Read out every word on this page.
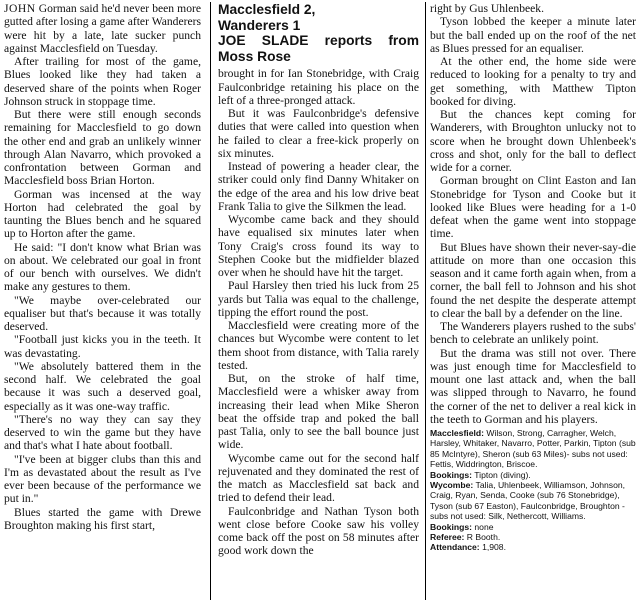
JOHN Gorman said he'd never been more gutted after losing a game after Wanderers were hit by a late, late sucker punch against Macclesfield on Tuesday.

After trailing for most of the game, Blues looked like they had taken a deserved share of the points when Roger Johnson struck in stoppage time.

But there were still enough seconds remaining for Macclesfield to go down the other end and grab an unlikely winner through Alan Navarro, which provoked a confrontation between Gorman and Macclesfield boss Brian Horton.

Gorman was incensed at the way Horton had celebrated the goal by taunting the Blues bench and he squared up to Horton after the game.

He said: "I don't know what Brian was on about. We celebrated our goal in front of our bench with ourselves. We didn't make any gestures to them.

"We maybe over-celebrated our equaliser but that's because it was totally deserved.

"Football just kicks you in the teeth. It was devastating.

"We absolutely battered them in the second half. We celebrated the goal because it was such a deserved goal, especially as it was one-way traffic.

"There's no way they can say they deserved to win the game but they have and that's what I hate about football.

"I've been at bigger clubs than this and I'm as devastated about the result as I've ever been because of the performance we put in."

Blues started the game with Drewe Broughton making his first start,

Macclesfield 2,
Wanderers 1
JOE SLADE reports from
Moss Rose

brought in for Ian Stonebridge, with Craig Faulconbridge retaining his place on the left of a three-pronged attack.

But it was Faulconbridge's defensive duties that were called into question when he failed to clear a free-kick properly on six minutes.

Instead of powering a header clear, the striker could only find Danny Whitaker on the edge of the area and his low drive beat Frank Talia to give the Silkmen the lead.

Wycombe came back and they should have equalised six minutes later when Tony Craig's cross found its way to Stephen Cooke but the midfielder blazed over when he should have hit the target.

Paul Harsley then tried his luck from 25 yards but Talia was equal to the challenge, tipping the effort round the post.

Macclesfield were creating more of the chances but Wycombe were content to let them shoot from distance, with Talia rarely tested.

But, on the stroke of half time, Macclesfield were a whisker away from increasing their lead when Mike Sheron beat the offside trap and poked the ball past Talia, only to see the ball bounce just wide.

Wycombe came out for the second half rejuvenated and they dominated the rest of the match as Macclesfield sat back and tried to defend their lead.

Faulconbridge and Nathan Tyson both went close before Cooke saw his volley come back off the post on 58 minutes after good work down the

right by Gus Uhlenbeek.

Tyson lobbed the keeper a minute later but the ball ended up on the roof of the net as Blues pressed for an equaliser.

At the other end, the home side were reduced to looking for a penalty to try and get something, with Matthew Tipton booked for diving.

But the chances kept coming for Wanderers, with Broughton unlucky not to score when he brought down Uhlenbeek's cross and shot, only for the ball to deflect wide for a corner.

Gorman brought on Clint Easton and Ian Stonebridge for Tyson and Cooke but it looked like Blues were heading for a 1-0 defeat when the game went into stoppage time.

But Blues have shown their never-say-die attitude on more than one occasion this season and it came forth again when, from a corner, the ball fell to Johnson and his shot found the net despite the desperate attempt to clear the ball by a defender on the line.

The Wanderers players rushed to the subs' bench to celebrate an unlikely point.

But the drama was still not over. There was just enough time for Macclesfield to mount one last attack and, when the ball was slipped through to Navarro, he found the corner of the net to deliver a real kick in the teeth to Gorman and his players.

Macclesfield: Wilson, Strong, Carragher, Welch, Harsley, Whitaker, Navarro, Potter, Parkin, Tipton (sub 85 McIntyre), Sheron (sub 63 Miles)- subs not used: Fettis, Widdrington, Briscoe.
Bookings: Tipton (diving).
Wycombe: Talia, Uhlenbeek, Williamson, Johnson, Craig, Ryan, Senda, Cooke (sub 76 Stonebridge), Tyson (sub 67 Easton), Faulconbridge, Broughton - subs not used: Silk, Nethercott, Williams.
Bookings: none
Referee: R Booth.
Attendance: 1,908.
